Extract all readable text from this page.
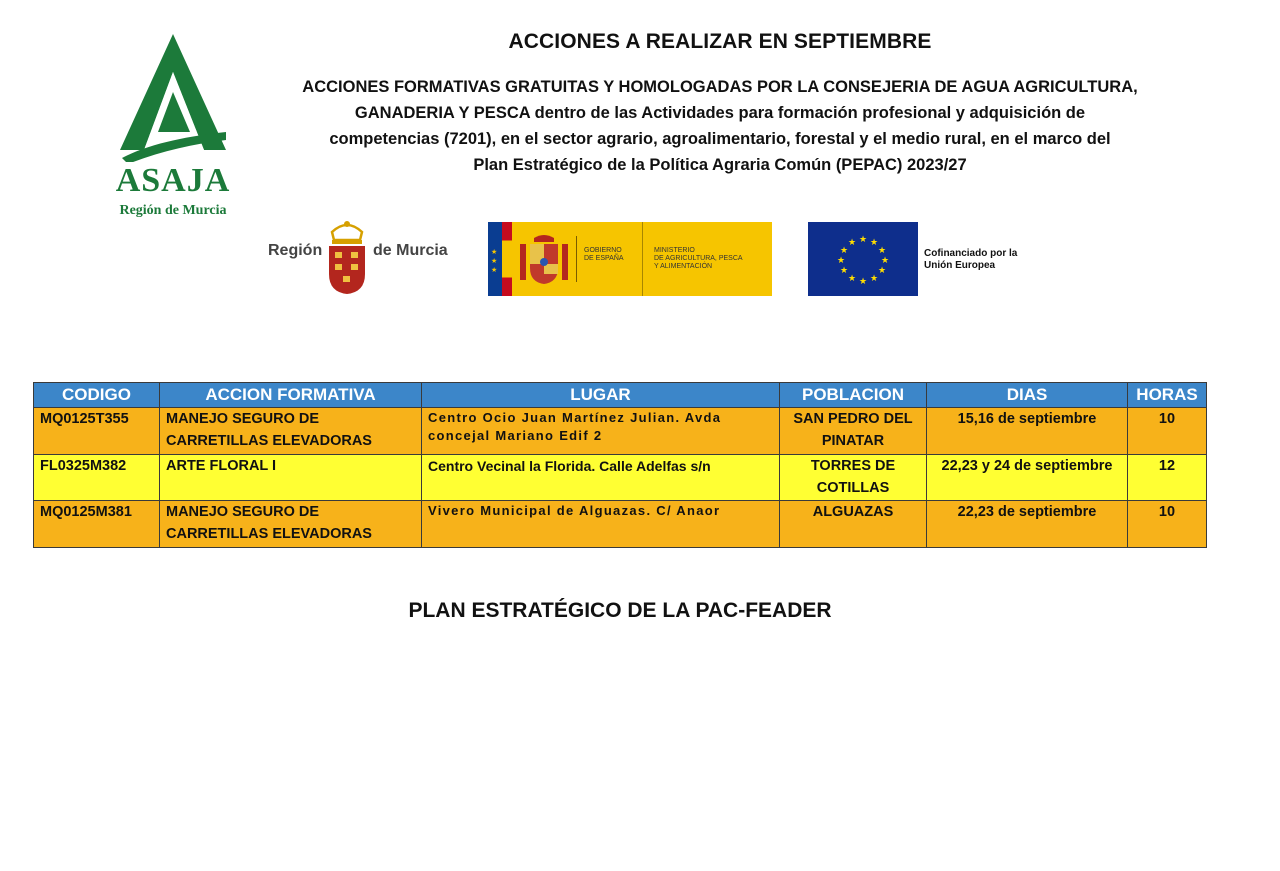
ASAJA
Región de Murcia
ACCIONES A REALIZAR EN SEPTIEMBRE
ACCIONES FORMATIVAS GRATUITAS Y HOMOLOGADAS POR LA CONSEJERIA DE AGUA AGRICULTURA,
GANADERIA Y PESCA dentro de las Actividades para formación profesional y adquisición de
competencias (7201), en el sector agrario, agroalimentario, forestal y el medio rural, en el marco del
Plan Estratégico de la Política Agraria Común (PEPAC) 2023/27
Región	de Murcia	★
★
★
GOBIERNO
DE ESPAÑA
MINISTERIO
DE AGRICULTURA, PESCA
Y ALIMENTACIÓN
★ ★
★
★
★
★
★
★
★
★
★
★
Cofinanciado por la
Unión Europea
CODIGO	ACCION FORMATIVA	LUGAR	POBLACION	DIAS	HORAS
MQ0125T355	MANEJO SEGURO DE CARRETILLAS ELEVADORAS	Centro Ocio Juan Martínez Julian. Avda concejal Mariano Edif 2	SAN PEDRO DEL PINATAR	15,16 de septiembre	10
FL0325M382	ARTE FLORAL I	Centro Vecinal la Florida. Calle Adelfas s/n	TORRES DE COTILLAS	22,23 y 24 de septiembre	12
MQ0125M381	MANEJO SEGURO DE CARRETILLAS ELEVADORAS	Vivero Municipal de Alguazas. C/ Anaor	ALGUAZAS	22,23 de septiembre	10
PLAN ESTRATÉGICO DE LA PAC-FEADER
